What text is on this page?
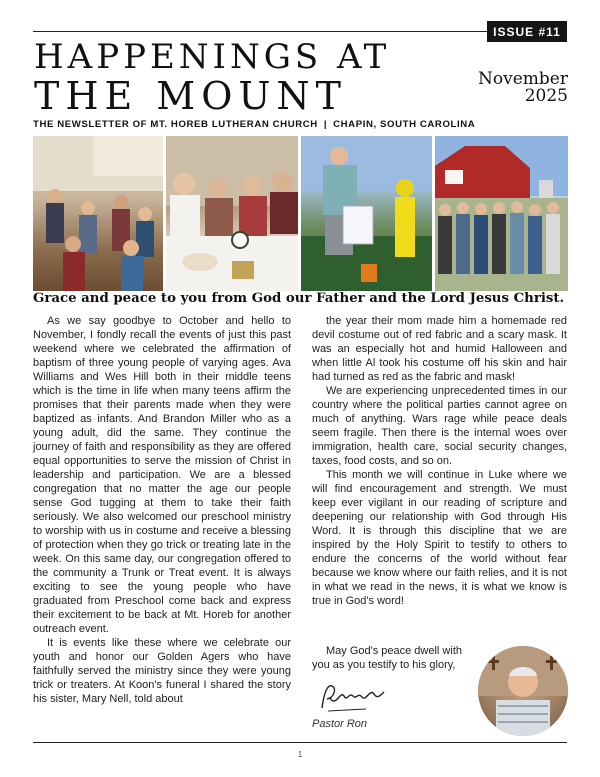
ISSUE #11
HAPPENINGS AT
THE MOUNT	November
2025
THE NEWSLETTER OF MT. HOREB LUTHERAN CHURCH | CHAPIN, SOUTH CAROLINA
Grace and peace to you from God our Father and the Lord Jesus Christ.

As we say goodbye to October and hello to November, I fondly recall the events of just this past weekend where we celebrated the affirmation of baptism of three young people of varying ages. Ava Williams and Wes Hill both in their middle teens which is the time in life when many teens affirm the promises that their parents made when they were baptized as infants. And Brandon Miller who as a young adult, did the same. They continue the journey of faith and responsibility as they are offered equal opportunities to serve the mission of Christ in leadership and participation. We are a blessed congregation that no matter the age our people sense God tugging at them to take their faith seriously. We also welcomed our preschool ministry to worship with us in costume and receive a blessing of protection when they go trick or treating late in the week. On this same day, our congregation offered to the community a Trunk or Treat event. It is always exciting to see the young people who have graduated from Preschool come back and express their excitement to be back at Mt. Horeb for another outreach event.

It is events like these where we celebrate our youth and honor our Golden Agers who have faithfully served the ministry since they were young trick or treaters. At Koon's funeral I shared the story his sister, Mary Nell, told about

the year their mom made him a homemade red devil costume out of red fabric and a scary mask. It was an especially hot and humid Halloween and when little Al took his costume off his skin and hair had turned as red as the fabric and mask!

We are experiencing unprecedented times in our country where the political parties cannot agree on much of anything. Wars rage while peace deals seem fragile. Then there is the internal woes over immigration, health care, social security changes, taxes, food costs, and so on.

This month we will continue in Luke where we will find encouragement and strength. We must keep ever vigilant in our reading of scripture and deepening our relationship with God through His Word. It is through this discipline that we are inspired by the Holy Spirit to testify to others to endure the concerns of the world without fear because we know where our faith relies, and it is not in what we read in the news, it is what we know is true in God's word!

May God's peace dwell with
you as you testify to his glory,
Pastor Ron
1
